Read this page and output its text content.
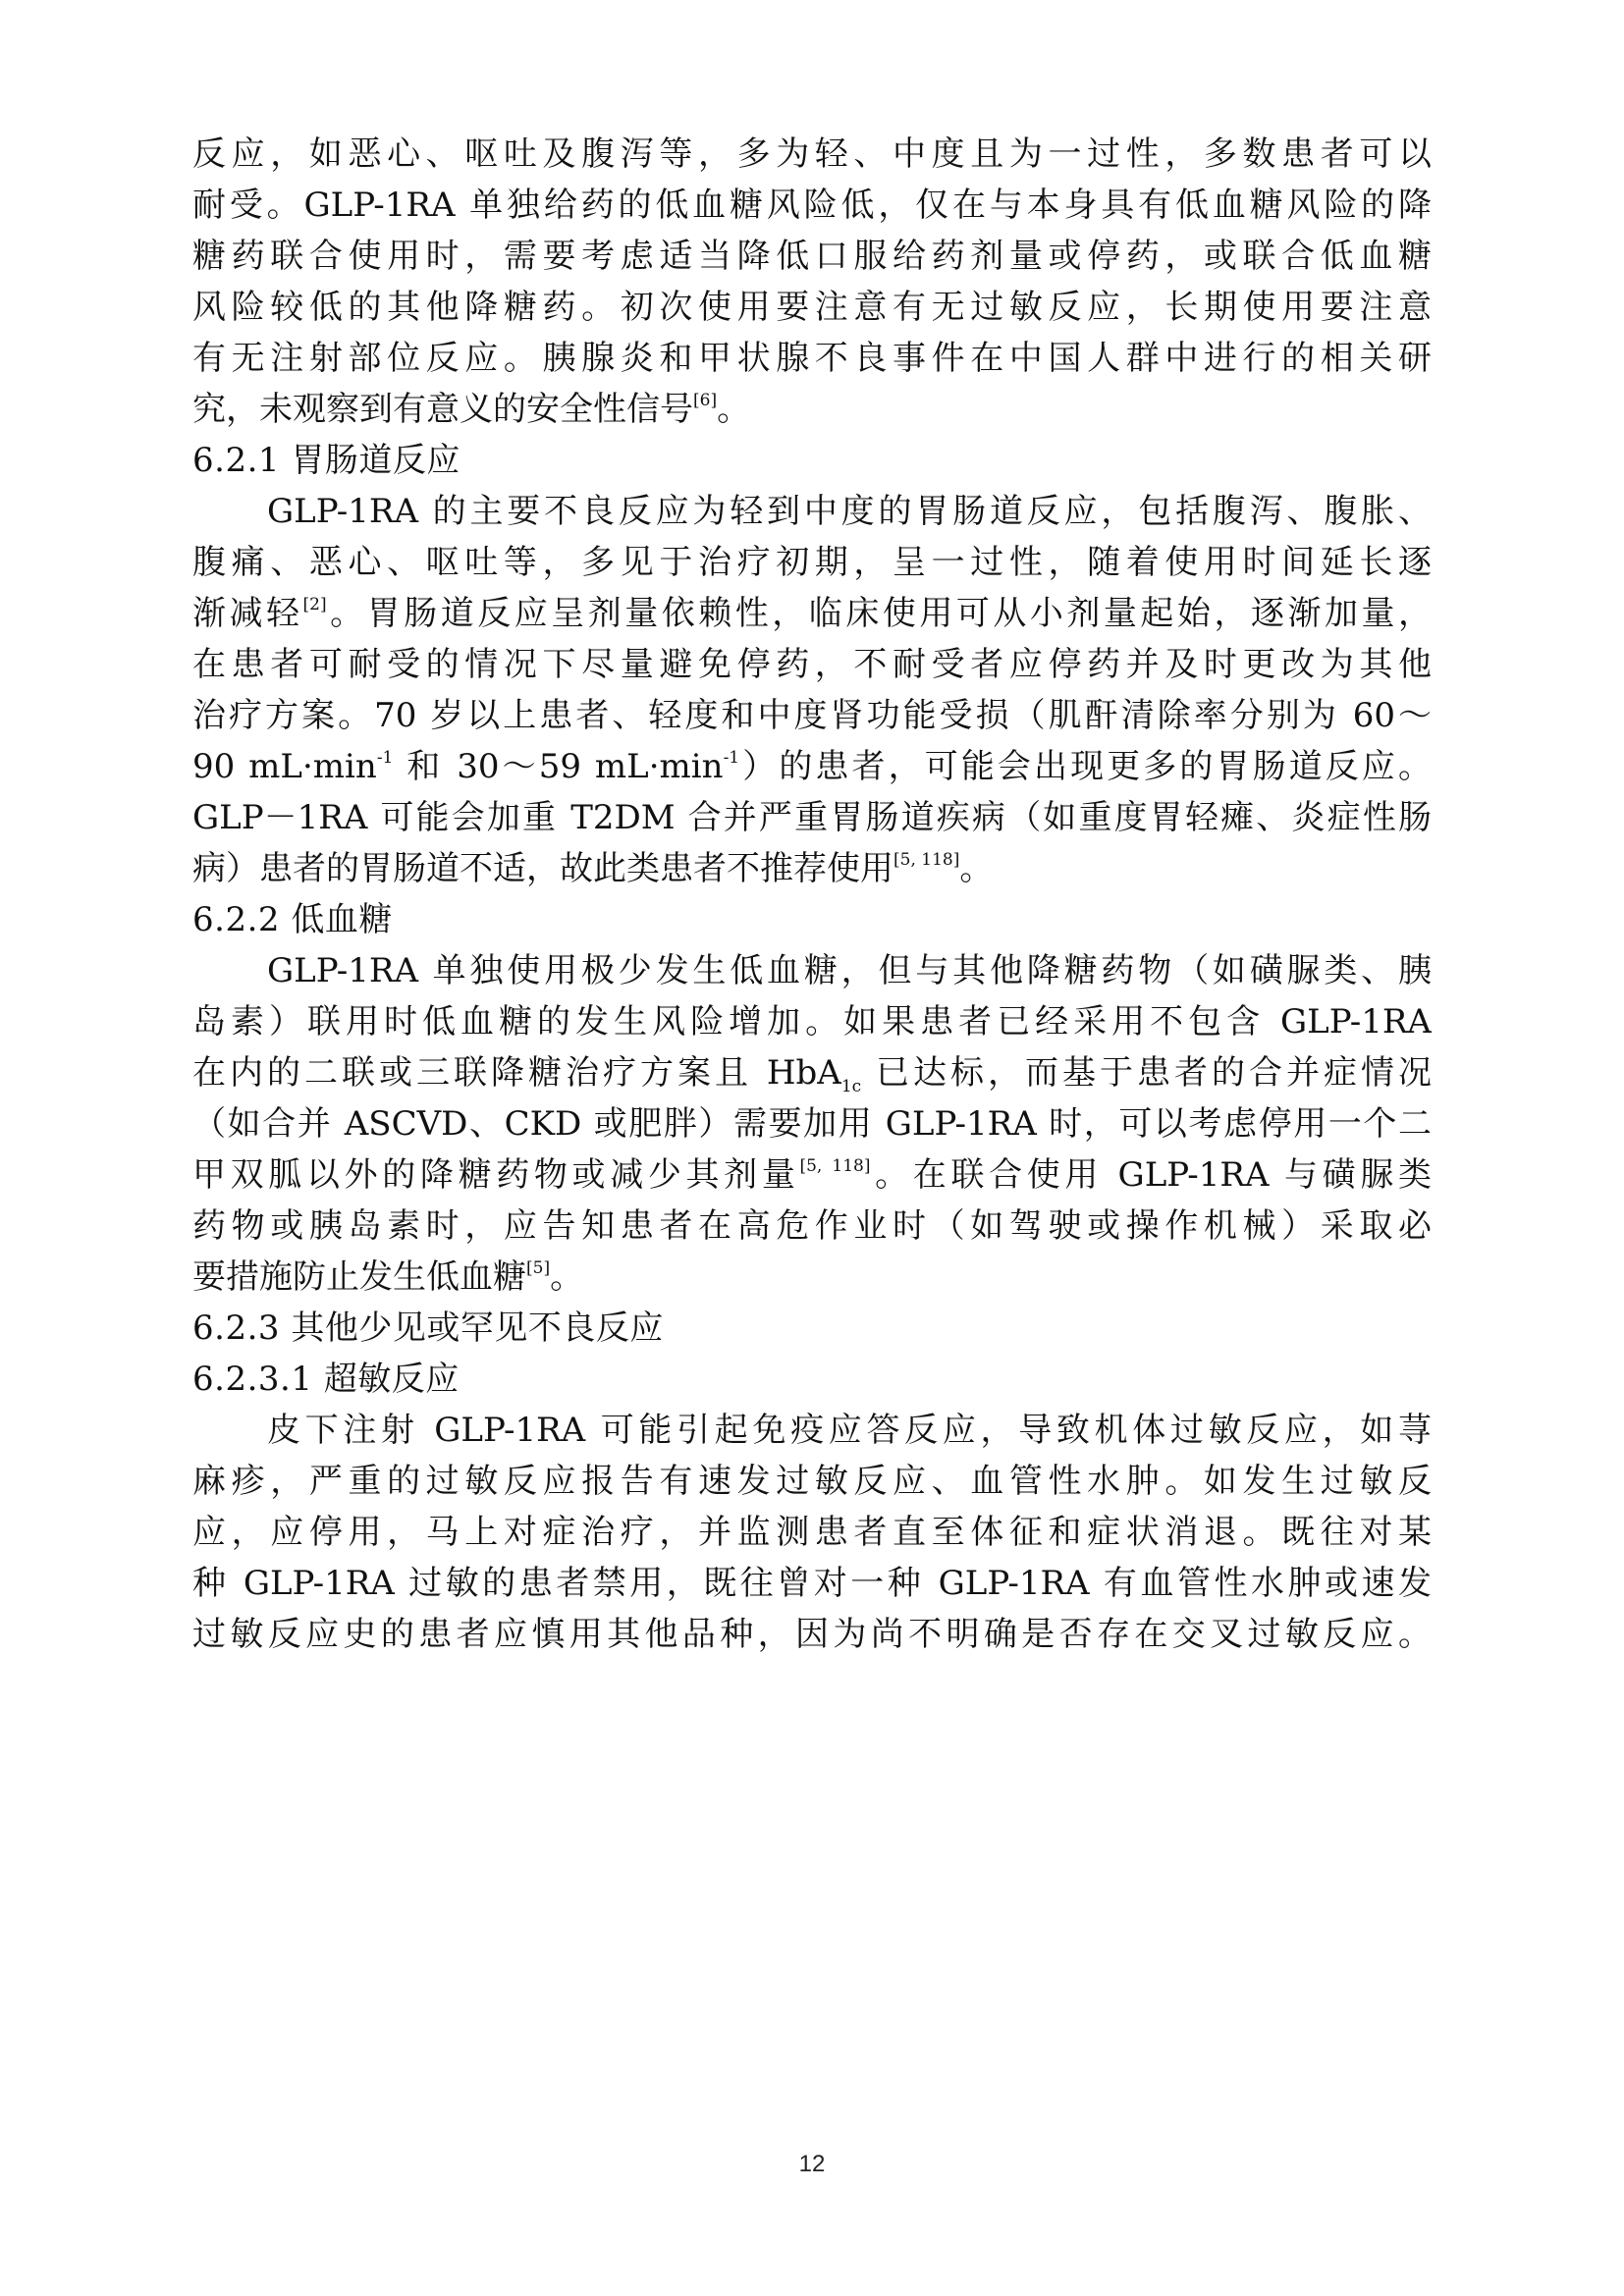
反应，如恶心、呕吐及腹泻等，多为轻、中度且为一过性，多数患者可以
耐受。GLP-1RA 单独给药的低血糖风险低，仅在与本身具有低血糖风险的降
糖药联合使用时，需要考虑适当降低口服给药剂量或停药，或联合低血糖
风险较低的其他降糖药。初次使用要注意有无过敏反应，长期使用要注意
有无注射部位反应。胰腺炎和甲状腺不良事件在中国人群中进行的相关研
究，未观察到有意义的安全性信号[6]。
6.2.1 胃肠道反应
GLP-1RA 的主要不良反应为轻到中度的胃肠道反应，包括腹泻、腹胀、
腹痛、恶心、呕吐等，多见于治疗初期，呈一过性，随着使用时间延长逐
渐减轻[2]。胃肠道反应呈剂量依赖性，临床使用可从小剂量起始，逐渐加量，
在患者可耐受的情况下尽量避免停药，不耐受者应停药并及时更改为其他
治疗方案。70 岁以上患者、轻度和中度肾功能受损（肌酐清除率分别为 60～
90 $mL\cdot\min^{-1}$ 和 30～59 $mL\cdot\min^{-1}$）的患者，可能会出现更多的胃肠道反应。
GLP－1RA 可能会加重 T2DM 合并严重胃肠道疾病（如重度胃轻瘫、炎症性肠
病）患者的胃肠道不适，故此类患者不推荐使用[5, 118]。
6.2.2 低血糖
GLP-1RA 单独使用极少发生低血糖，但与其他降糖药物（如磺脲类、胰
岛素）联用时低血糖的发生风险增加。如果患者已经采用不包含 GLP-1RA
在内的二联或三联降糖治疗方案且 HbA$_{1c}$ 已达标，而基于患者的合并症情况
（如合并 ASCVD、CKD 或肥胖）需要加用 GLP-1RA 时，可以考虑停用一个二
甲双胍以外的降糖药物或减少其剂量[5, 118]。在联合使用 GLP-1RA 与磺脲类
药物或胰岛素时，应告知患者在高危作业时（如驾驶或操作机械）采取必
要措施防止发生低血糖[5]。
6.2.3 其他少见或罕见不良反应
6.2.3.1 超敏反应
皮下注射 GLP-1RA 可能引起免疫应答反应，导致机体过敏反应，如荨
麻疹，严重的过敏反应报告有速发过敏反应、血管性水肿。如发生过敏反
应，应停用，马上对症治疗，并监测患者直至体征和症状消退。既往对某
种 GLP-1RA 过敏的患者禁用，既往曾对一种 GLP-1RA 有血管性水肿或速发
过敏反应史的患者应慎用其他品种，因为尚不明确是否存在交叉过敏反应。
12
